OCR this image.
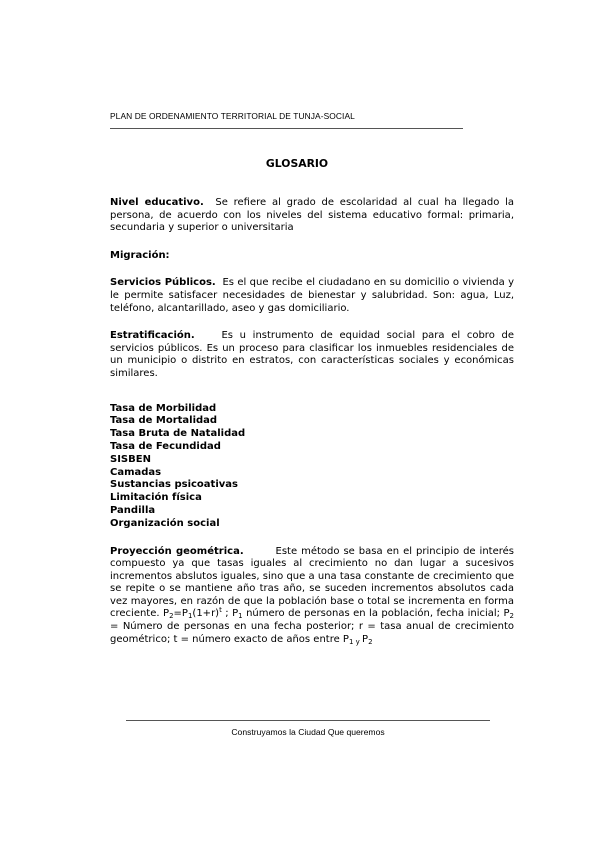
PLAN DE ORDENAMIENTO TERRITORIAL DE TUNJA-SOCIAL
GLOSARIO

Nivel educativo. Se refiere al grado de escolaridad al cual ha llegado la persona, de acuerdo con los niveles del sistema educativo formal: primaria, secundaria y superior o universitaria

Migración:

Servicios Públicos. Es el que recibe el ciudadano en su domicilio o vivienda y le permite satisfacer necesidades de bienestar y salubridad. Son: agua, Luz, teléfono, alcantarillado, aseo y gas domiciliario.

Estratificación.	Es u instrumento de equidad social para el cobro de servicios públicos. Es un proceso para clasificar los inmuebles residenciales de un municipio o distrito en estratos, con características sociales y económicas similares.

Tasa de Morbilidad
Tasa de Mortalidad
Tasa Bruta de Natalidad
Tasa de Fecundidad
SISBEN
Camadas
Sustancias psicoativas
Limitación física
Pandilla
Organización social

Proyección geométrica.	Este método se basa en el principio de interés compuesto ya que tasas iguales al crecimiento no dan lugar a sucesivos incrementos abslutos iguales, sino que a una tasa constante de crecimiento que se repite o se mantiene año tras año, se suceden incrementos absolutos cada vez mayores, en razón de que la población base o total se incrementa en forma creciente. $P_2=P_1(1+r)^t$ ; $P_1$ número de personas en la población, fecha inicial; $P_2$ = Número de personas en una fecha posterior; r = tasa anual de crecimiento geométrico; t = número exacto de años entre $P_1$ $_y$ $P_2$

Construyamos la Ciudad Que queremos
